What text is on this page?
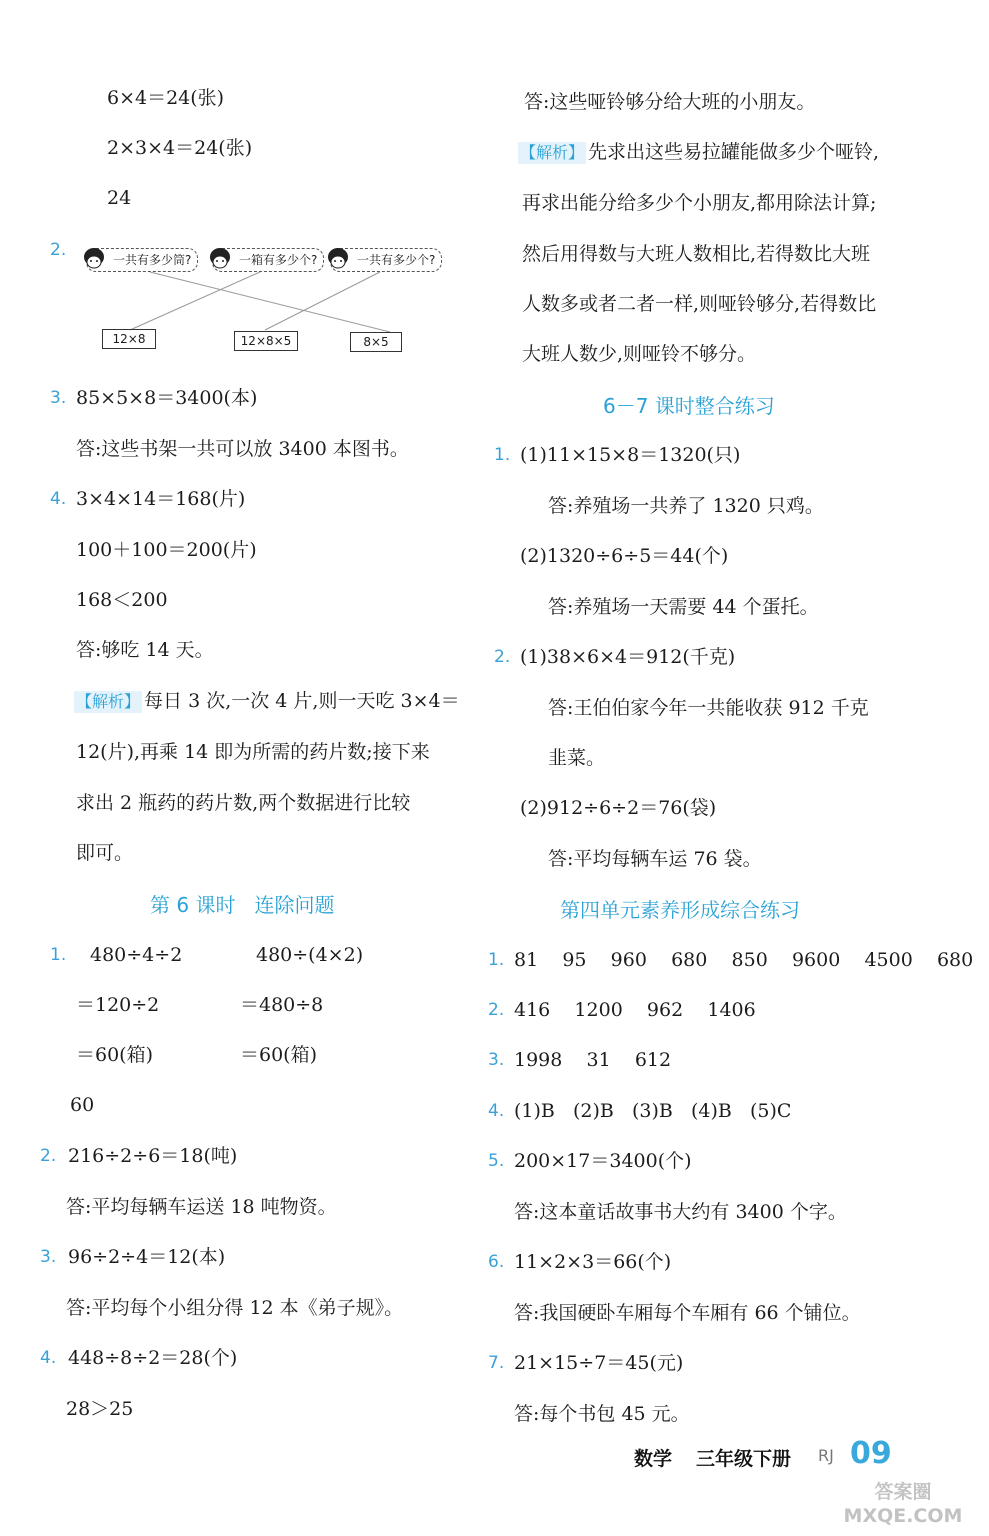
6×4＝24(张)
2×3×4＝24(张)
24
2.	一共有多少筒?	一箱有多少个?	一共有多少个?
12×8	12×8×5	8×5
3. 85×5×8＝3400(本)
答:这些书架一共可以放 3400 本图书。
4. 3×4×14＝168(片)
100＋100＝200(片)
168＜200
答:够吃 14 天。
【解析】 每日 3 次,一次 4 片,则一天吃 3×4＝
12(片),再乘 14 即为所需的药片数;接下来
求出 2 瓶药的药片数,两个数据进行比较
即可。
第 6 课时   连除问题
1. 480÷4÷2
＝120÷2
＝60(箱)
480÷(4×2)
＝480÷8
＝60(箱)
60
2. 216÷2÷6＝18(吨)
答:平均每辆车运送 18 吨物资。
3. 96÷2÷4＝12(本)
答:平均每个小组分得 12 本《弟子规》。
4. 448÷8÷2＝28(个)
28＞25
答:这些哑铃够分给大班的小朋友。
【解析】 先求出这些易拉罐能做多少个哑铃,
再求出能分给多少个小朋友,都用除法计算;
然后用得数与大班人数相比,若得数比大班
人数多或者二者一样,则哑铃够分,若得数比
大班人数少,则哑铃不够分。
6－7 课时整合练习
1. (1)11×15×8＝1320(只)
答:养殖场一共养了 1320 只鸡。
(2)1320÷6÷5＝44(个)
答:养殖场一天需要 44 个蛋托。
2. (1)38×6×4＝912(千克)
答:王伯伯家今年一共能收获 912 千克
韭菜。
(2)912÷6÷2＝76(袋)
答:平均每辆车运 76 袋。
第四单元素养形成综合练习
1. 81    95    960    680    850    9600    4500    680
2. 416    1200    962    1406
3. 1998    31    612
4. (1)B   (2)B   (3)B   (4)B   (5)C
5. 200×17＝3400(个)
答:这本童话故事书大约有 3400 个字。
6. 11×2×3＝66(个)
答:我国硬卧车厢每个车厢有 66 个铺位。
7. 21×15÷7＝45(元)
答:每个书包 45 元。
数学 三年级下册 RJ 09
答案圈 MXQE.COM
